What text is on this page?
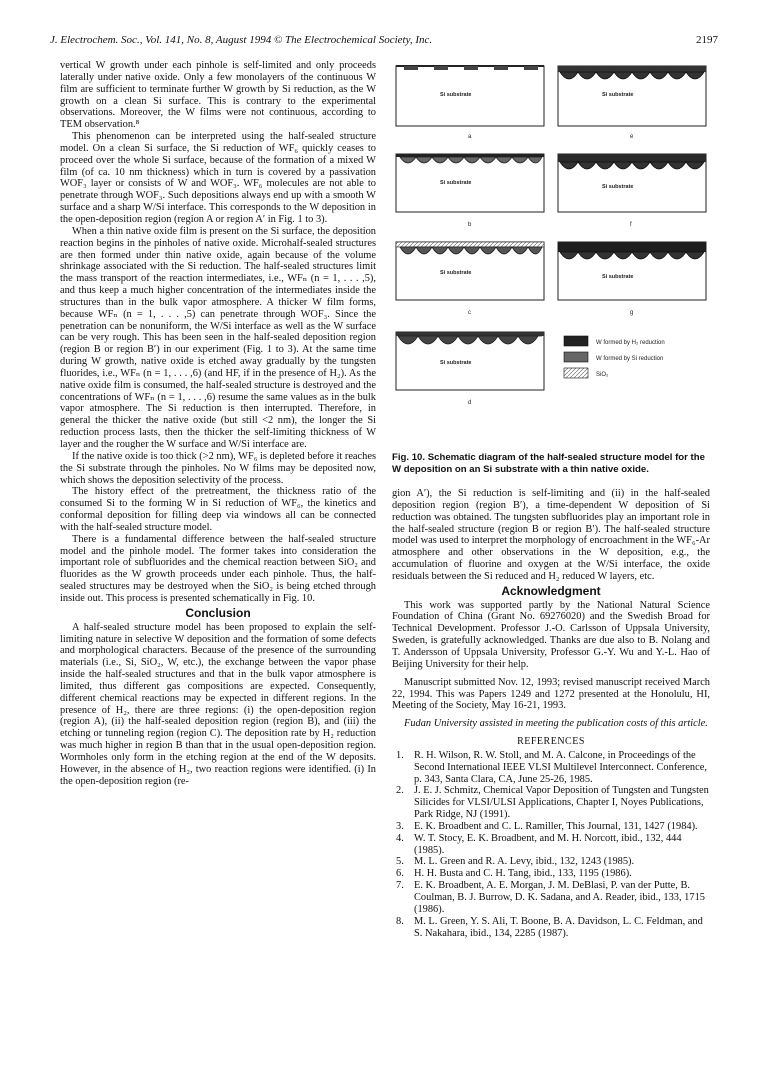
J. Electrochem. Soc., Vol. 141, No. 8, August 1994 © The Electrochemical Society, Inc.	2197

vertical W growth under each pinhole is self-limited and only proceeds laterally under native oxide. Only a few monolayers of the continuous W film are sufficient to terminate further W growth by Si reduction, as the W growth on a clean Si surface. This is contrary to the experimental observations. Moreover, the W films were not continuous, according to TEM observation.⁸

This phenomenon can be interpreted using the half-sealed structure model. On a clean Si surface, the Si reduction of WF₆ quickly ceases to proceed over the whole Si surface, because of the formation of a mixed W film (of ca. 10 nm thickness) which in turn is covered by a passivation WOF₃ layer or consists of W and WOF₃. WF₆ molecules are not able to penetrate through WOF₃. Such depositions always end up with a smooth W surface and a sharp W/Si interface. This corresponds to the W deposition in the open-deposition region (region A or region A′ in Fig. 1 to 3).

When a thin native oxide film is present on the Si surface, the deposition reaction begins in the pinholes of native oxide. Microhalf-sealed structures are then formed under thin native oxide, again because of the volume shrinkage associated with the Si reduction. The half-sealed structures limit the mass transport of the reaction intermediates, i.e., WFₙ (n = 1, . . . ,5), and thus keep a much higher concentration of the intermediates inside the structures than in the bulk vapor atmosphere. A thicker W film forms, because WFₙ (n = 1, . . . ,5) can penetrate through WOF₃. Since the penetration can be nonuniform, the W/Si interface as well as the W surface can be very rough. This has been seen in the half-sealed deposition region (region B or region B′) in our experiment (Fig. 1 to 3). At the same time during W growth, native oxide is etched away gradually by the tungsten fluorides, i.e., WFₙ (n = 1, . . . ,6) (and HF, if in the presence of H₂). As the native oxide film is consumed, the half-sealed structure is destroyed and the concentrations of WFₙ (n = 1, . . . ,6) resume the same values as in the bulk vapor atmosphere. The Si reduction is then interrupted. Therefore, in general the thicker the native oxide (but still <2 nm), the longer the Si reduction process lasts, then the thicker the self-limiting thickness of W layer and the rougher the W surface and W/Si interface are.

If the native oxide is too thick (>2 nm), WF₆ is depleted before it reaches the Si substrate through the pinholes. No W films may be deposited now, which shows the deposition selectivity of the process.

The history effect of the pretreatment, the thickness ratio of the consumed Si to the forming W in Si reduction of WF₆, the kinetics and conformal deposition for filling deep via windows all can be connected with the half-sealed structure model.

There is a fundamental difference between the half-sealed structure model and the pinhole model. The former takes into consideration the important role of subfluorides and the chemical reaction between SiO₂ and fluorides as the W growth proceeds under each pinhole. Thus, the half-sealed structures may be destroyed when the SiO₂ is being etched through inside out. This process is presented schematically in Fig. 10.

Conclusion

A half-sealed structure model has been proposed to explain the self-limiting nature in selective W deposition and the formation of some defects and morphological characters. Because of the presence of the surrounding materials (i.e., Si, SiO₂, W, etc.), the exchange between the vapor phase inside the half-sealed structures and that in the bulk vapor atmosphere is limited, thus different gas compositions are expected. Consequently, different chemical reactions may be expected in different regions. In the presence of H₂, there are three regions: (i) the open-deposition region (region A), (ii) the half-sealed deposition region (region B), and (iii) the etching or tunneling region (region C). The deposition rate by H₂ reduction was much higher in region B than that in the usual open-deposition region. Wormholes only form in the etching region at the end of the W deposits. However, in the absence of H₂, two reaction regions were identified. (i) In the open-deposition region (re-

Si substrate
a
Si substrate
b
Si substrate
c
Si substrate
d
Si substrate
e
Si substrate
f
Si substrate
g
W formed by H₂ reduction
W formed by Si reduction
SiO₂
Fig. 10. Schematic diagram of the half-sealed structure model for the W deposition on an Si substrate with a thin native oxide.

gion A′), the Si reduction is self-limiting and (ii) in the half-sealed deposition region (region B′), a time-dependent W deposition of Si reduction was obtained. The tungsten subfluorides play an important role in the half-sealed structure (region B or region B′). The half-sealed structure model was used to interpret the morphology of encroachment in the WF₆-Ar atmosphere and other observations in the W deposition, e.g., the accumulation of fluorine and oxygen at the W/Si interface, the oxide residuals between the Si reduced and H₂ reduced W layers, etc.

Acknowledgment

This work was supported partly by the National Natural Science Foundation of China (Grant No. 69276020) and the Swedish Broad for Technical Development. Professor J.-O. Carlsson of Uppsala University, Sweden, is gratefully acknowledged. Thanks are due also to B. Nolang and T. Andersson of Uppsala University, Professor G.-Y. Wu and Y.-L. Hao of Beijing University for their help.

Manuscript submitted Nov. 12, 1993; revised manuscript received March 22, 1994. This was Papers 1249 and 1272 presented at the Honolulu, HI, Meeting of the Society, May 16-21, 1993.

Fudan University assisted in meeting the publication costs of this article.

REFERENCES
1. R. H. Wilson, R. W. Stoll, and M. A. Calcone, in Proceedings of the Second International IEEE VLSI Multilevel Interconnect. Conference, p. 343, Santa Clara, CA, June 25-26, 1985.
2. J. E. J. Schmitz, Chemical Vapor Deposition of Tungsten and Tungsten Silicides for VLSI/ULSI Applications, Chapter I, Noyes Publications, Park Ridge, NJ (1991).
3. E. K. Broadbent and C. L. Ramiller, This Journal, 131, 1427 (1984).
4. W. T. Stocy, E. K. Broadbent, and M. H. Norcott, ibid., 132, 444 (1985).
5. M. L. Green and R. A. Levy, ibid., 132, 1243 (1985).
6. H. H. Busta and C. H. Tang, ibid., 133, 1195 (1986).
7. E. K. Broadbent, A. E. Morgan, J. M. DeBlasi, P. van der Putte, B. Coulman, B. J. Burrow, D. K. Sadana, and A. Reader, ibid., 133, 1715 (1986).
8. M. L. Green, Y. S. Ali, T. Boone, B. A. Davidson, L. C. Feldman, and S. Nakahara, ibid., 134, 2285 (1987).
